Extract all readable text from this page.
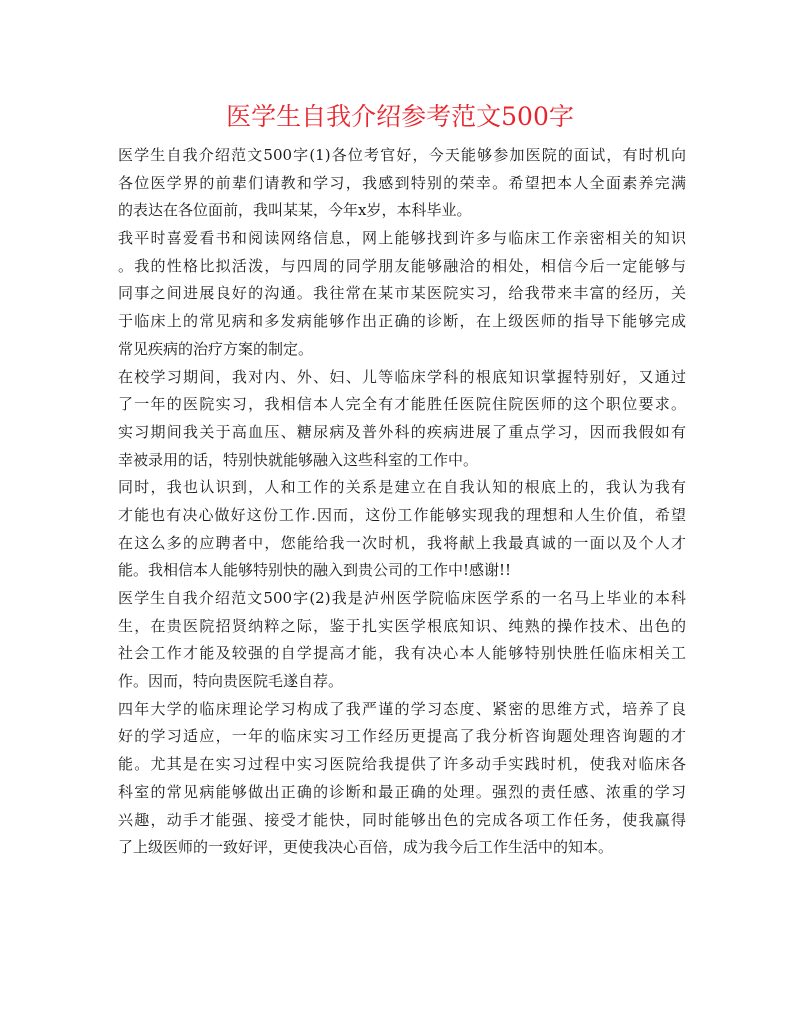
医学生自我介绍参考范文500字
医学生自我介绍范文500字(1)各位考官好，今天能够参加医院的面试，有时机向
各位医学界的前辈们请教和学习，我感到特别的荣幸。希望把本人全面素养完满
的表达在各位面前，我叫某某，今年x岁，本科毕业。
我平时喜爱看书和阅读网络信息，网上能够找到许多与临床工作亲密相关的知识
。我的性格比拟活泼，与四周的同学朋友能够融洽的相处，相信今后一定能够与
同事之间进展良好的沟通。我往常在某市某医院实习，给我带来丰富的经历，关
于临床上的常见病和多发病能够作出正确的诊断，在上级医师的指导下能够完成
常见疾病的治疗方案的制定。
在校学习期间，我对内、外、妇、儿等临床学科的根底知识掌握特别好，又通过
了一年的医院实习，我相信本人完全有才能胜任医院住院医师的这个职位要求。
实习期间我关于高血压、糖尿病及普外科的疾病进展了重点学习，因而我假如有
幸被录用的话，特别快就能够融入这些科室的工作中。
同时，我也认识到，人和工作的关系是建立在自我认知的根底上的，我认为我有
才能也有决心做好这份工作.因而，这份工作能够实现我的理想和人生价值，希望
在这么多的应聘者中，您能给我一次时机，我将献上我最真诚的一面以及个人才
能。我相信本人能够特别快的融入到贵公司的工作中!感谢!!
医学生自我介绍范文500字(2)我是泸州医学院临床医学系的一名马上毕业的本科
生，在贵医院招贤纳粹之际，鉴于扎实医学根底知识、纯熟的操作技术、出色的
社会工作才能及较强的自学提高才能，我有决心本人能够特别快胜任临床相关工
作。因而，特向贵医院毛遂自荐。
四年大学的临床理论学习构成了我严谨的学习态度、紧密的思维方式，培养了良
好的学习适应，一年的临床实习工作经历更提高了我分析咨询题处理咨询题的才
能。尤其是在实习过程中实习医院给我提供了许多动手实践时机，使我对临床各
科室的常见病能够做出正确的诊断和最正确的处理。强烈的责任感、浓重的学习
兴趣，动手才能强、接受才能快，同时能够出色的完成各项工作任务，使我赢得
了上级医师的一致好评，更使我决心百倍，成为我今后工作生活中的知本。
